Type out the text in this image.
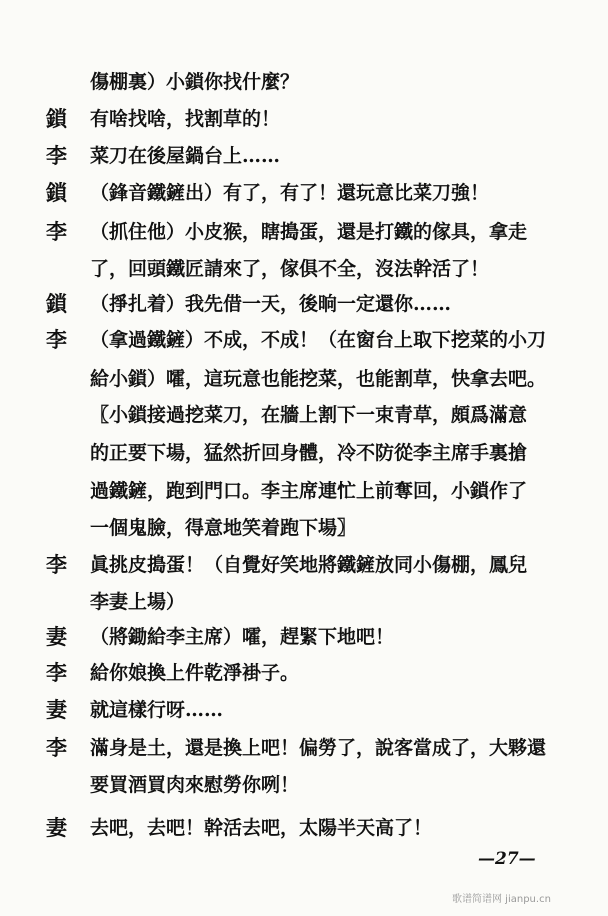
傷棚裏）小鎖你找什麼？
鎖	有啥找啥，找割草的！
李	菜刀在後屋鍋台上……
鎖	（鋒音鐵鏟出）有了，有了！還玩意比菜刀強！
李	（抓住他）小皮猴，瞎搗蛋，還是打鐵的傢具，拿走
了，回頭鐵匠請來了，傢俱不全，沒法幹活了！
鎖	（掙扎着）我先借一天，後晌一定還你……
李	（拿過鐵鏟）不成，不成！（在窗台上取下挖菜的小刀
給小鎖）嚯，這玩意也能挖菜，也能割草，快拿去吧。
〖小鎖接過挖菜刀，在牆上割下一束青草，頗爲滿意
的正要下場，猛然折回身體，冷不防從李主席手裏搶
過鐵鏟，跑到門口。李主席連忙上前奪回，小鎖作了
一個鬼臉，得意地笑着跑下場〗
李	眞挑皮搗蛋！（自覺好笑地將鐵鏟放同小傷棚，鳳兒
李妻上場）
妻	（將鋤給李主席）嚯，趕緊下地吧！
李	給你娘換上件乾淨褂子。
妻	就這樣行呀……
李	滿身是土，還是換上吧！偏勞了，說客當成了，大夥還
要買酒買肉來慰勞你咧！
妻	去吧，去吧！幹活去吧，太陽半天高了！
—27—
歌谱简谱网 jianpu.cn
